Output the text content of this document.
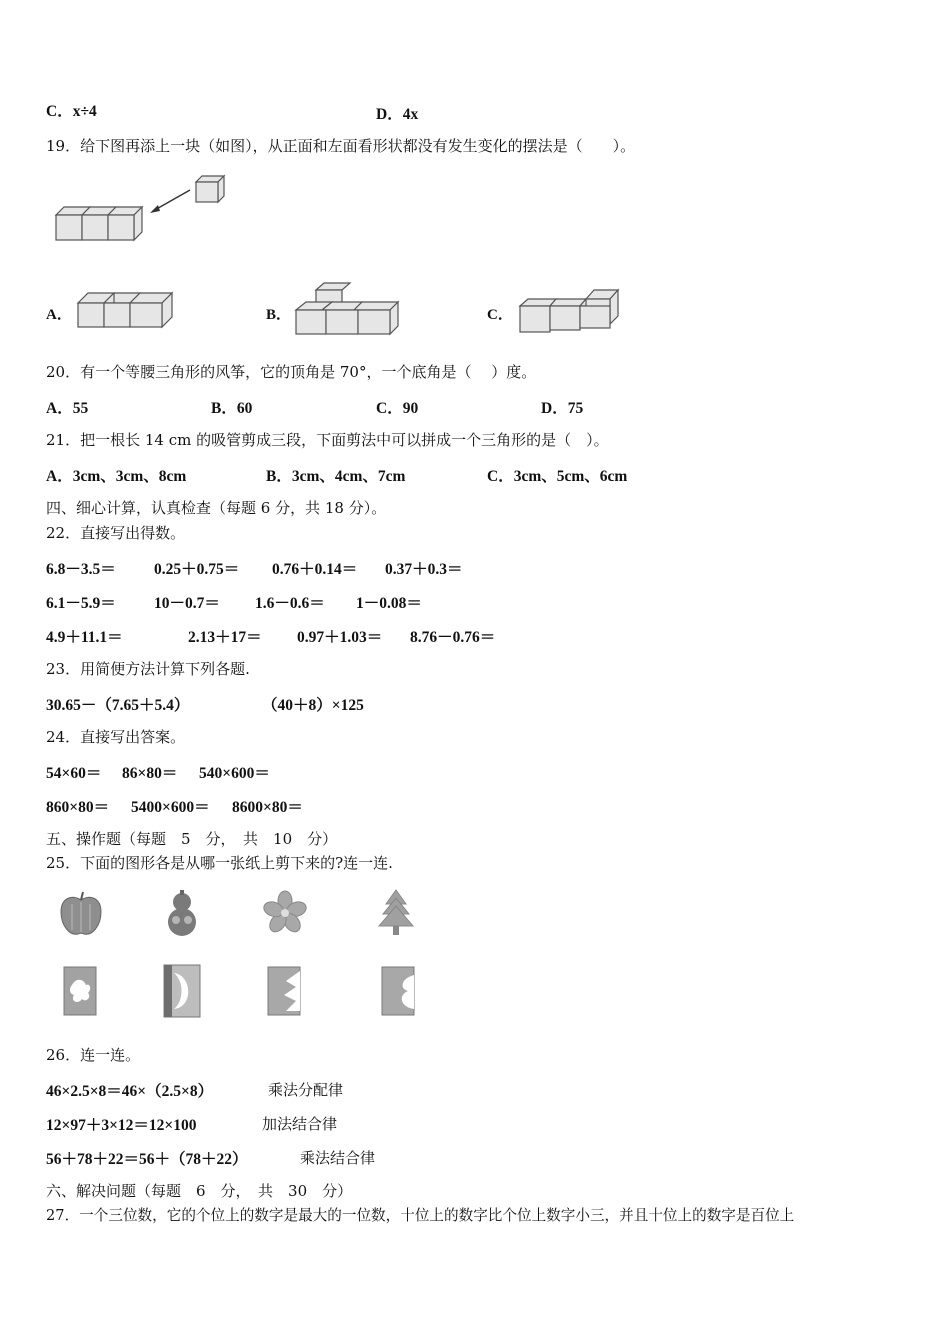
C．x÷4	D．4x
19．给下图再添上一块（如图），从正面和左面看形状都没有发生变化的摆法是（　　）。
A．	B．	C．
20．有一个等腰三角形的风筝，它的顶角是 70°，一个底角是（　 ）度。
A．55	B．60	C．90	D．75
21．把一根长 14 cm 的吸管剪成三段，下面剪法中可以拼成一个三角形的是（　）。
A．3cm、3cm、8cm	B．3cm、4cm、7cm	C．3cm、5cm、6cm
四、细心计算，认真检查（每题 6 分，共 18 分）。
22．直接写出得数。
6.8－3.5＝ 0.25＋0.75＝ 0.76＋0.14＝ 0.37＋0.3＝
6.1－5.9＝ 10－0.7＝ 1.6－0.6＝ 1－0.08＝
4.9＋11.1＝	2.13＋17＝ 0.97＋1.03＝ 8.76－0.76＝
23．用简便方法计算下列各题.
30.65－（7.65＋5.4）	（40＋8）×125
24．直接写出答案。
54×60＝ 86×80＝ 540×600＝
860×80＝ 5400×600＝ 8600×80＝
五、操作题（每题　5　分，　共　10　分）
25．下面的图形各是从哪一张纸上剪下来的?连一连.
26．连一连。
46×2.5×8＝46×（2.5×8）	乘法分配律
12×97＋3×12＝12×100	加法结合律
56＋78＋22＝56＋（78＋22）	乘法结合律
六、解决问题（每题　6　分，　共　30　分）
27．一个三位数，它的个位上的数字是最大的一位数，十位上的数字比个位上数字小三，并且十位上的数字是百位上
